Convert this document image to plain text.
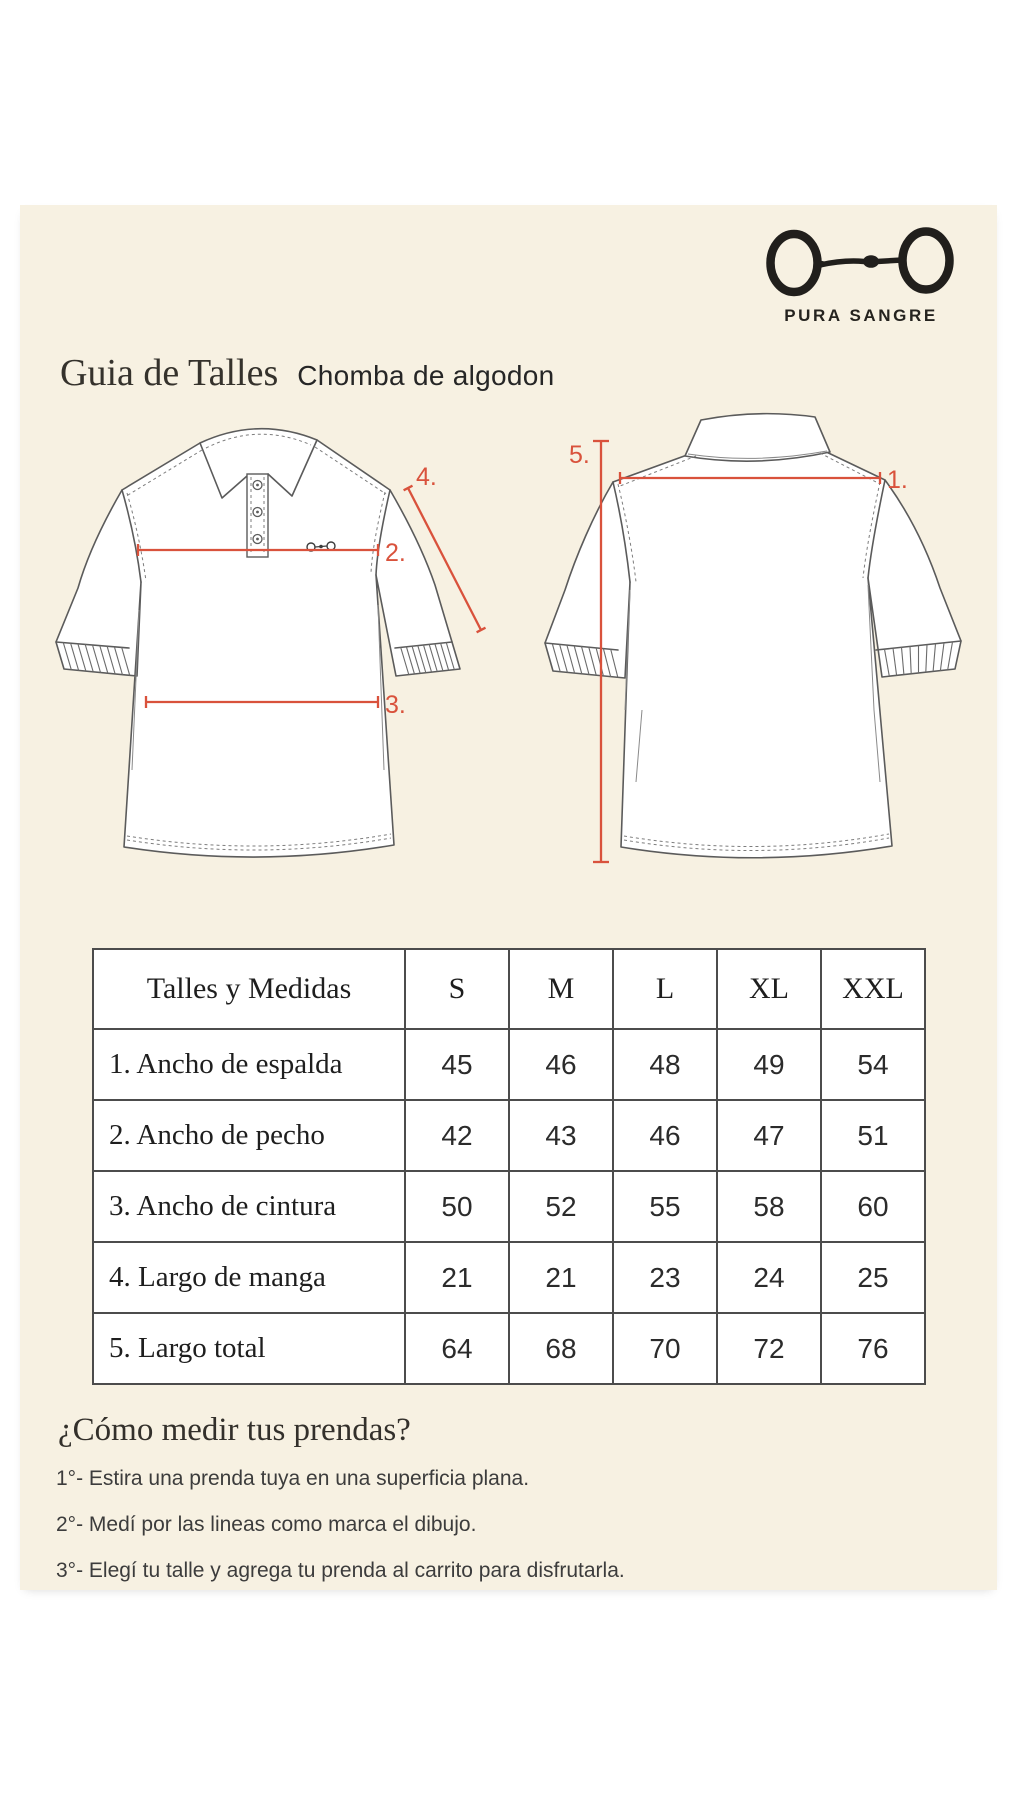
PURA SANGRE
Guia de Talles Chomba de algodon
2.
3.
4.
5.
1.
Talles y Medidas	S	M	L	XL	XXL
1. Ancho de espalda	45	46	48	49	54
2. Ancho de pecho	42	43	46	47	51
3. Ancho de cintura	50	52	55	58	60
4. Largo de manga	21	21	23	24	25
5. Largo total	64	68	70	72	76
¿Cómo medir tus prendas?

1°- Estira una prenda tuya en una superficia plana.

2°- Medí por las lineas como marca el dibujo.

3°- Elegí tu talle y agrega tu prenda al carrito para disfrutarla.
